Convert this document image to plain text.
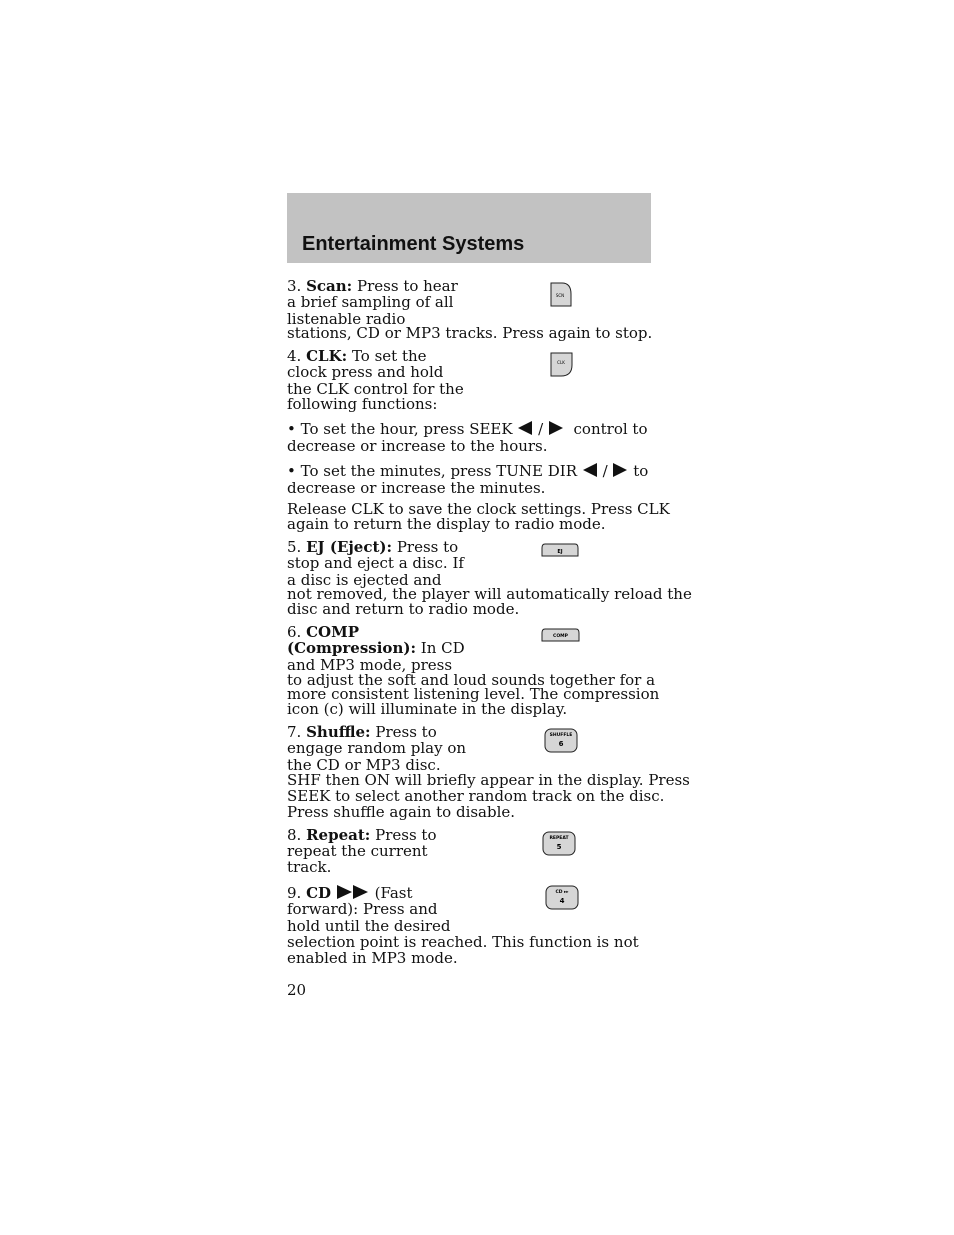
Entertainment Systems
3. Scan: Press to hear
a brief sampling of all
listenable radio
stations, CD or MP3 tracks. Press again to stop.
SCN
4. CLK: To set the
clock press and hold
the CLK control for the
following functions:
CLK
• To set the hour, press SEEK / control to
decrease or increase to the hours.
• To set the minutes, press TUNE DIR / to
decrease or increase the minutes.
Release CLK to save the clock settings. Press CLK
again to return the display to radio mode.
5. EJ (Eject): Press to
stop and eject a disc. If
a disc is ejected and
not removed, the player will automatically reload the
disc and return to radio mode.
EJ
6. COMP
(Compression): In CD
and MP3 mode, press
to adjust the soft and loud sounds together for a
more consistent listening level. The compression
icon (c) will illuminate in the display.
COMP
7. Shuffle: Press to
engage random play on
the CD or MP3 disc.
SHF then ON will briefly appear in the display. Press
SEEK to select another random track on the disc.
Press shuffle again to disable.
SHUFFLE
6
8. Repeat: Press to
repeat the current
track.
REPEAT
5
9. CD	(Fast
forward): Press and
hold until the desired
selection point is reached. This function is not
enabled in MP3 mode.
CD ▸▸
4
20
